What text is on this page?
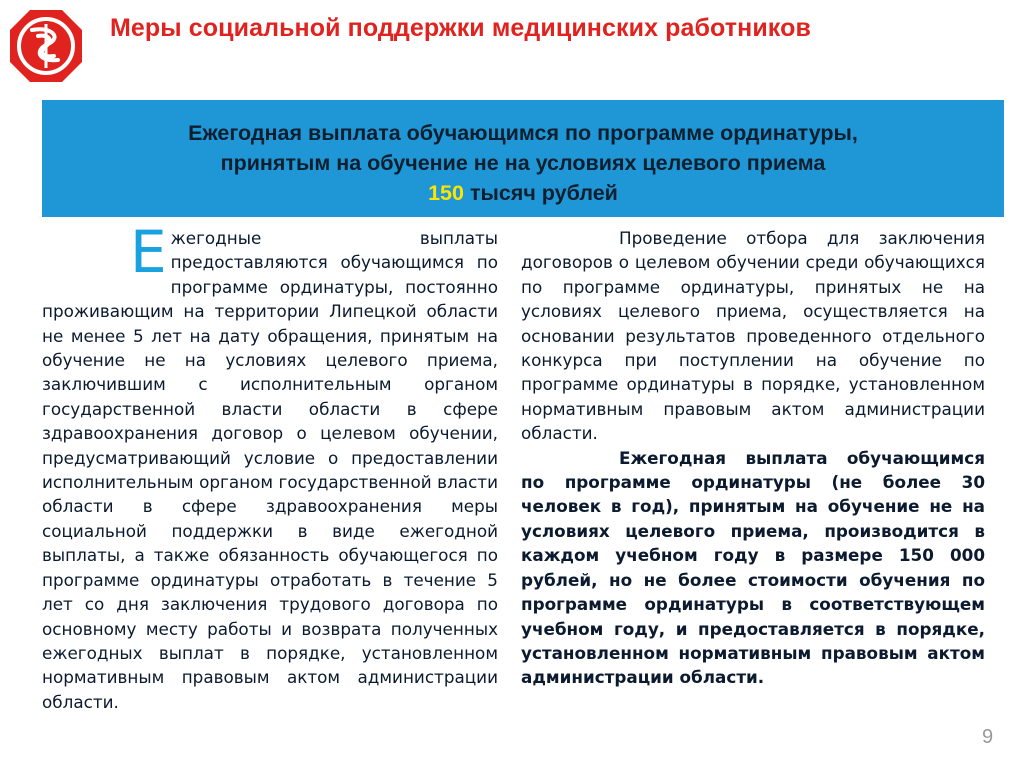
Меры социальной поддержки медицинских работников
Ежегодная выплата обучающимся по программе ординатуры,
принятым на обучение не на условиях целевого приема
150 тысяч рублей
Е жегодные выплаты предоставляются обучающимся по программе ординатуры, постоянно проживающим на территории Липецкой области не менее 5 лет на дату обращения, принятым на обучение не на условиях целевого приема, заключившим с исполнительным органом государственной власти области в сфере здравоохранения договор о целевом обучении, предусматривающий условие о предоставлении исполнительным органом государственной власти области в сфере здравоохранения меры социальной поддержки в виде ежегодной выплаты, а также обязанность обучающегося по программе ординатуры отработать в течение 5 лет со дня заключения трудового договора по основному месту работы и возврата полученных ежегодных выплат в порядке, установленном нормативным правовым актом администрации области.

Проведение отбора для заключения договоров о целевом обучении среди обучающихся по программе ординатуры, принятых не на условиях целевого приема, осуществляется на основании результатов проведенного отдельного конкурса при поступлении на обучение по программе ординатуры в порядке, установленном нормативным правовым актом администрации области.

Ежегодная выплата обучающимся по программе ординатуры (не более 30 человек в год), принятым на обучение не на условиях целевого приема, производится в каждом учебном году в размере 150 000 рублей, но не более стоимости обучения по программе ординатуры в соответствующем учебном году, и предоставляется в порядке, установленном нормативным правовым актом администрации области.

9
